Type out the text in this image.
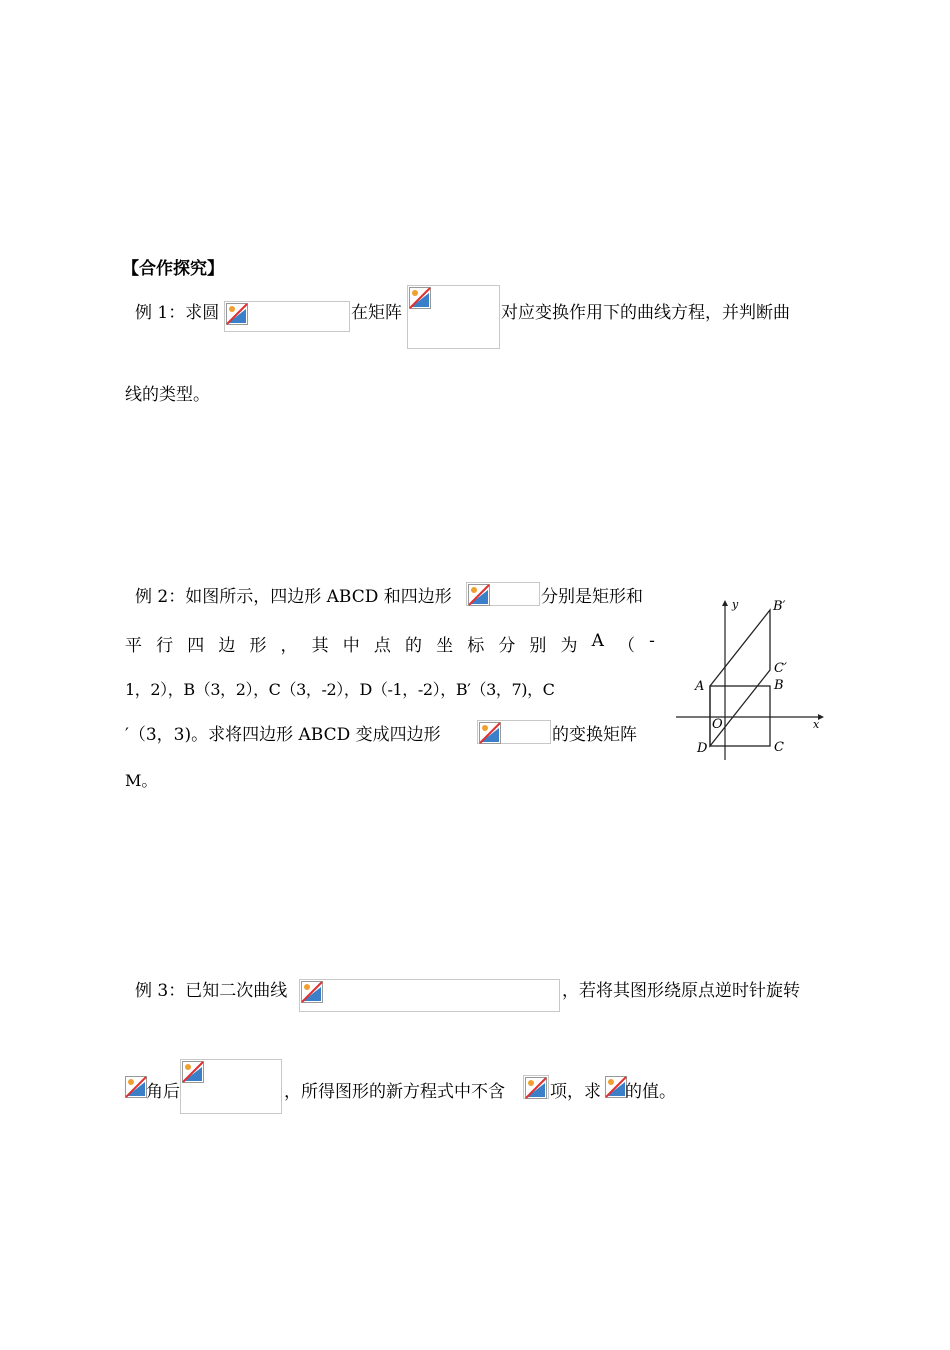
【合作探究】
例 1：求圆	在矩阵	对应变换作用下的曲线方程，并判断曲
线的类型。
例 2：如图所示，四边形 ABCD 和四边形	分别是矩形和
平 行 四 边 形 ， 其 中 点 的 坐 标 分 别 为 A （ -
1，2），B（3，2），C（3，-2），D（-1，-2），B′（3，7)，C
′（3，3)。求将四边形 ABCD 变成四边形	的变换矩阵
M。
y
x
O
A	B
C
D
B′
C′
例 3：已知二次曲线	，若将其图形绕原点逆时针旋转
角后	，所得图形的新方程式中不含	项，求 的值。
